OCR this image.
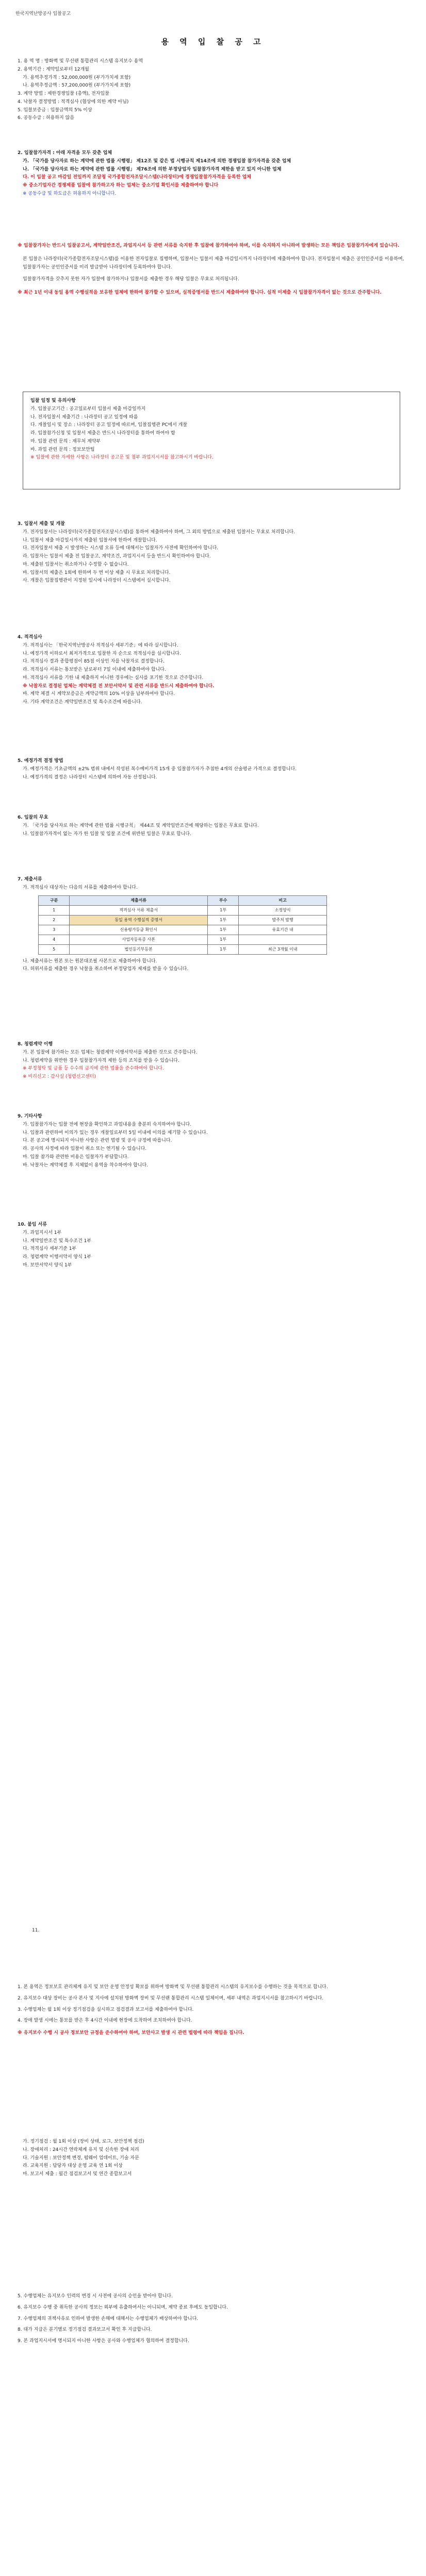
한국지역난방공사 입찰공고
용 역 입 찰 공 고

1. 용 역 명 : 방화벽 및 무선랜 통합관리 시스템 유지보수 용역

2. 용역기간 : 계약일로부터 12개월

가. 용역추정가격 : 52,000,000원 (부가가치세 포함)

나. 용역추정금액 : 57,200,000원 (부가가치세 포함)

3. 계약 방법 : 제한경쟁입찰 (총액), 전자입찰

4. 낙찰자 결정방법 : 적격심사 (협상에 의한 계약 아님)

5. 입찰보증금 : 입찰금액의 5% 이상

6. 공동수급 : 허용하지 않음

2. 입찰참가자격 : 아래 자격을 모두 갖춘 업체

가. 「국가를 당사자로 하는 계약에 관한 법률 시행령」 제12조 및 같은 법 시행규칙 제14조에 의한 경쟁입찰 참가자격을 갖춘 업체

나. 「국가를 당사자로 하는 계약에 관한 법률 시행령」 제76조에 의한 부정당업자 입찰참가자격 제한을 받고 있지 아니한 업체

다. 이 입찰 공고 마감일 전일까지 조달청 국가종합전자조달시스템(나라장터)에 경쟁입찰참가자격을 등록한 업체

※ 중소기업자간 경쟁제품 입찰에 참가하고자 하는 업체는 중소기업 확인서를 제출하여야 합니다

※ 공동수급 및 하도급은 허용하지 아니합니다.

※ 입찰참가자는 반드시 입찰공고서, 계약일반조건, 과업지시서 등 관련 서류를 숙지한 후 입찰에 참가하여야 하며, 이를 숙지하지 아니하여 발생하는 모든 책임은 입찰참가자에게 있습니다.

본 입찰은 나라장터(국가종합전자조달시스템)를 이용한 전자입찰로 집행하며, 입찰서는 입찰서 제출 마감일시까지 나라장터에 제출하여야 합니다. 전자입찰서 제출은 공인인증서를 이용하며, 입찰참가자는 공인인증서를 미리 발급받아 나라장터에 등록하여야 합니다.

입찰참가자격을 갖추지 못한 자가 입찰에 참가하거나 입찰서를 제출한 경우 해당 입찰은 무효로 처리됩니다.

※ 최근 1년 이내 동일 용역 수행실적을 보유한 업체에 한하여 참가할 수 있으며, 실적증명서를 반드시 제출하여야 합니다. 실적 미제출 시 입찰참가자격이 없는 것으로 간주합니다.

입찰 일정 및 유의사항

가. 입찰공고기간 : 공고일로부터 입찰서 제출 마감일까지

나. 전자입찰서 제출기간 : 나라장터 공고 일정에 따름

다. 개찰일시 및 장소 : 나라장터 공고 일정에 따르며, 입찰집행관 PC에서 개찰

라. 입찰참가신청 및 입찰서 제출은 반드시 나라장터를 통하여 하여야 함

마. 입찰 관련 문의 : 재무처 계약부

바. 과업 관련 문의 : 정보보안팀

※ 입찰에 관한 자세한 사항은 나라장터 공고문 및 첨부 과업지시서를 참고하시기 바랍니다.

3. 입찰서 제출 및 개찰

가. 전자입찰서는 나라장터(국가종합전자조달시스템)를 통하여 제출하여야 하며, 그 외의 방법으로 제출된 입찰서는 무효로 처리합니다.

나. 입찰서 제출 마감일시까지 제출된 입찰서에 한하여 개찰합니다.

다. 전자입찰서 제출 시 발생하는 시스템 오류 등에 대해서는 입찰자가 사전에 확인하여야 합니다.

라. 입찰자는 입찰서 제출 전 입찰공고, 계약조건, 과업지시서 등을 반드시 확인하여야 합니다.

마. 제출된 입찰서는 취소하거나 수정할 수 없습니다.

바. 입찰서의 제출은 1회에 한하며 두 번 이상 제출 시 무효로 처리합니다.

사. 개찰은 입찰집행관이 지정된 일시에 나라장터 시스템에서 실시합니다.

4. 적격심사

가. 적격심사는 「한국지역난방공사 적격심사 세부기준」에 따라 실시합니다.

나. 예정가격 이하로서 최저가격으로 입찰한 자 순으로 적격심사를 실시합니다.

다. 적격심사 결과 종합평점이 85점 이상인 자를 낙찰자로 결정합니다.

라. 적격심사 서류는 통보받은 날로부터 7일 이내에 제출하여야 합니다.

마. 적격심사 서류를 기한 내 제출하지 아니한 경우에는 심사를 포기한 것으로 간주합니다.

※ 낙찰자로 결정된 업체는 계약체결 전 보안서약서 및 관련 서류를 반드시 제출하여야 합니다.

바. 계약 체결 시 계약보증금은 계약금액의 10% 이상을 납부하여야 합니다.

사. 기타 계약조건은 계약일반조건 및 특수조건에 따릅니다.

5. 예정가격 결정 방법

가. 예정가격은 기초금액의 ±2% 범위 내에서 작성된 복수예비가격 15개 중 입찰참가자가 추첨한 4개의 산술평균 가격으로 결정합니다.

나. 예정가격의 결정은 나라장터 시스템에 의하여 자동 산정됩니다.

6. 입찰의 무효

가. 「국가를 당사자로 하는 계약에 관한 법률 시행규칙」 제44조 및 계약일반조건에 해당하는 입찰은 무효로 합니다.

나. 입찰참가자격이 없는 자가 한 입찰 및 입찰 조건에 위반된 입찰은 무효로 합니다.

7. 제출서류

가. 적격심사 대상자는 다음의 서류를 제출하여야 합니다.

구분	제출서류	부수	비고
1	적격심사 서류 제출서	1부	소정양식
2	동일 용역 수행실적 증명서	1부	발주처 발행
3	신용평가등급 확인서	1부	유효기간 내
4	사업자등록증 사본	1부	
5	법인등기부등본	1부	최근 3개월 이내

나. 제출서류는 원본 또는 원본대조필 사본으로 제출하여야 합니다.

다. 허위서류를 제출한 경우 낙찰을 취소하며 부정당업자 제재를 받을 수 있습니다.

8. 청렴계약 이행

가. 본 입찰에 참가하는 모든 업체는 청렴계약 이행서약서를 제출한 것으로 간주합니다.

나. 청렴계약을 위반한 경우 입찰참가자격 제한 등의 조치를 받을 수 있습니다.

※ 부정청탁 및 금품 등 수수의 금지에 관한 법률을 준수하여야 합니다.

※ 비리신고 : 감사실 (청렴신고센터)

9. 기타사항

가. 입찰참가자는 입찰 전에 현장을 확인하고 과업내용을 충분히 숙지하여야 합니다.

나. 입찰과 관련하여 이의가 있는 경우 개찰일로부터 5일 이내에 이의를 제기할 수 있습니다.

다. 본 공고에 명시되지 아니한 사항은 관련 법령 및 공사 규정에 따릅니다.

라. 공사의 사정에 따라 입찰이 취소 또는 연기될 수 있습니다.

마. 입찰 참가와 관련한 비용은 입찰자가 부담합니다.

바. 낙찰자는 계약체결 후 지체없이 용역을 착수하여야 합니다.

10. 붙임 서류

가. 과업지시서 1부

나. 계약일반조건 및 특수조건 1부

다. 적격심사 세부기준 1부

라. 청렴계약 이행서약서 양식 1부

마. 보안서약서 양식 1부

11.

1. 본 용역은 정보보호 관리체계 유지 및 보안 운영 안정성 확보를 위하여 방화벽 및 무선랜 통합관리 시스템의 유지보수를 수행하는 것을 목적으로 합니다.

2. 유지보수 대상 장비는 공사 본사 및 지사에 설치된 방화벽 장비 및 무선랜 통합관리 시스템 일체이며, 세부 내역은 과업지시서를 참고하시기 바랍니다.

3. 수행업체는 월 1회 이상 정기점검을 실시하고 점검결과 보고서를 제출하여야 합니다.

4. 장애 발생 시에는 통보를 받은 후 4시간 이내에 현장에 도착하여 조치하여야 합니다.

※ 유지보수 수행 시 공사 정보보안 규정을 준수하여야 하며, 보안사고 발생 시 관련 법령에 따라 책임을 집니다.

가. 정기점검 : 월 1회 이상 (장비 상태, 로그, 보안정책 점검)

나. 장애처리 : 24시간 연락체계 유지 및 신속한 장애 처리

다. 기술지원 : 보안정책 변경, 펌웨어 업데이트, 기술 자문

라. 교육지원 : 담당자 대상 운영 교육 연 1회 이상

마. 보고서 제출 : 월간 점검보고서 및 연간 종합보고서

5. 수행업체는 유지보수 인력의 변경 시 사전에 공사의 승인을 받아야 합니다.

6. 유지보수 수행 중 취득한 공사의 정보는 외부에 유출하여서는 아니되며, 계약 종료 후에도 동일합니다.

7. 수행업체의 귀책사유로 인하여 발생한 손해에 대해서는 수행업체가 배상하여야 합니다.

8. 대가 지급은 분기별로 정기점검 결과보고서 확인 후 지급합니다.

9. 본 과업지시서에 명시되지 아니한 사항은 공사와 수행업체가 협의하여 결정합니다.
